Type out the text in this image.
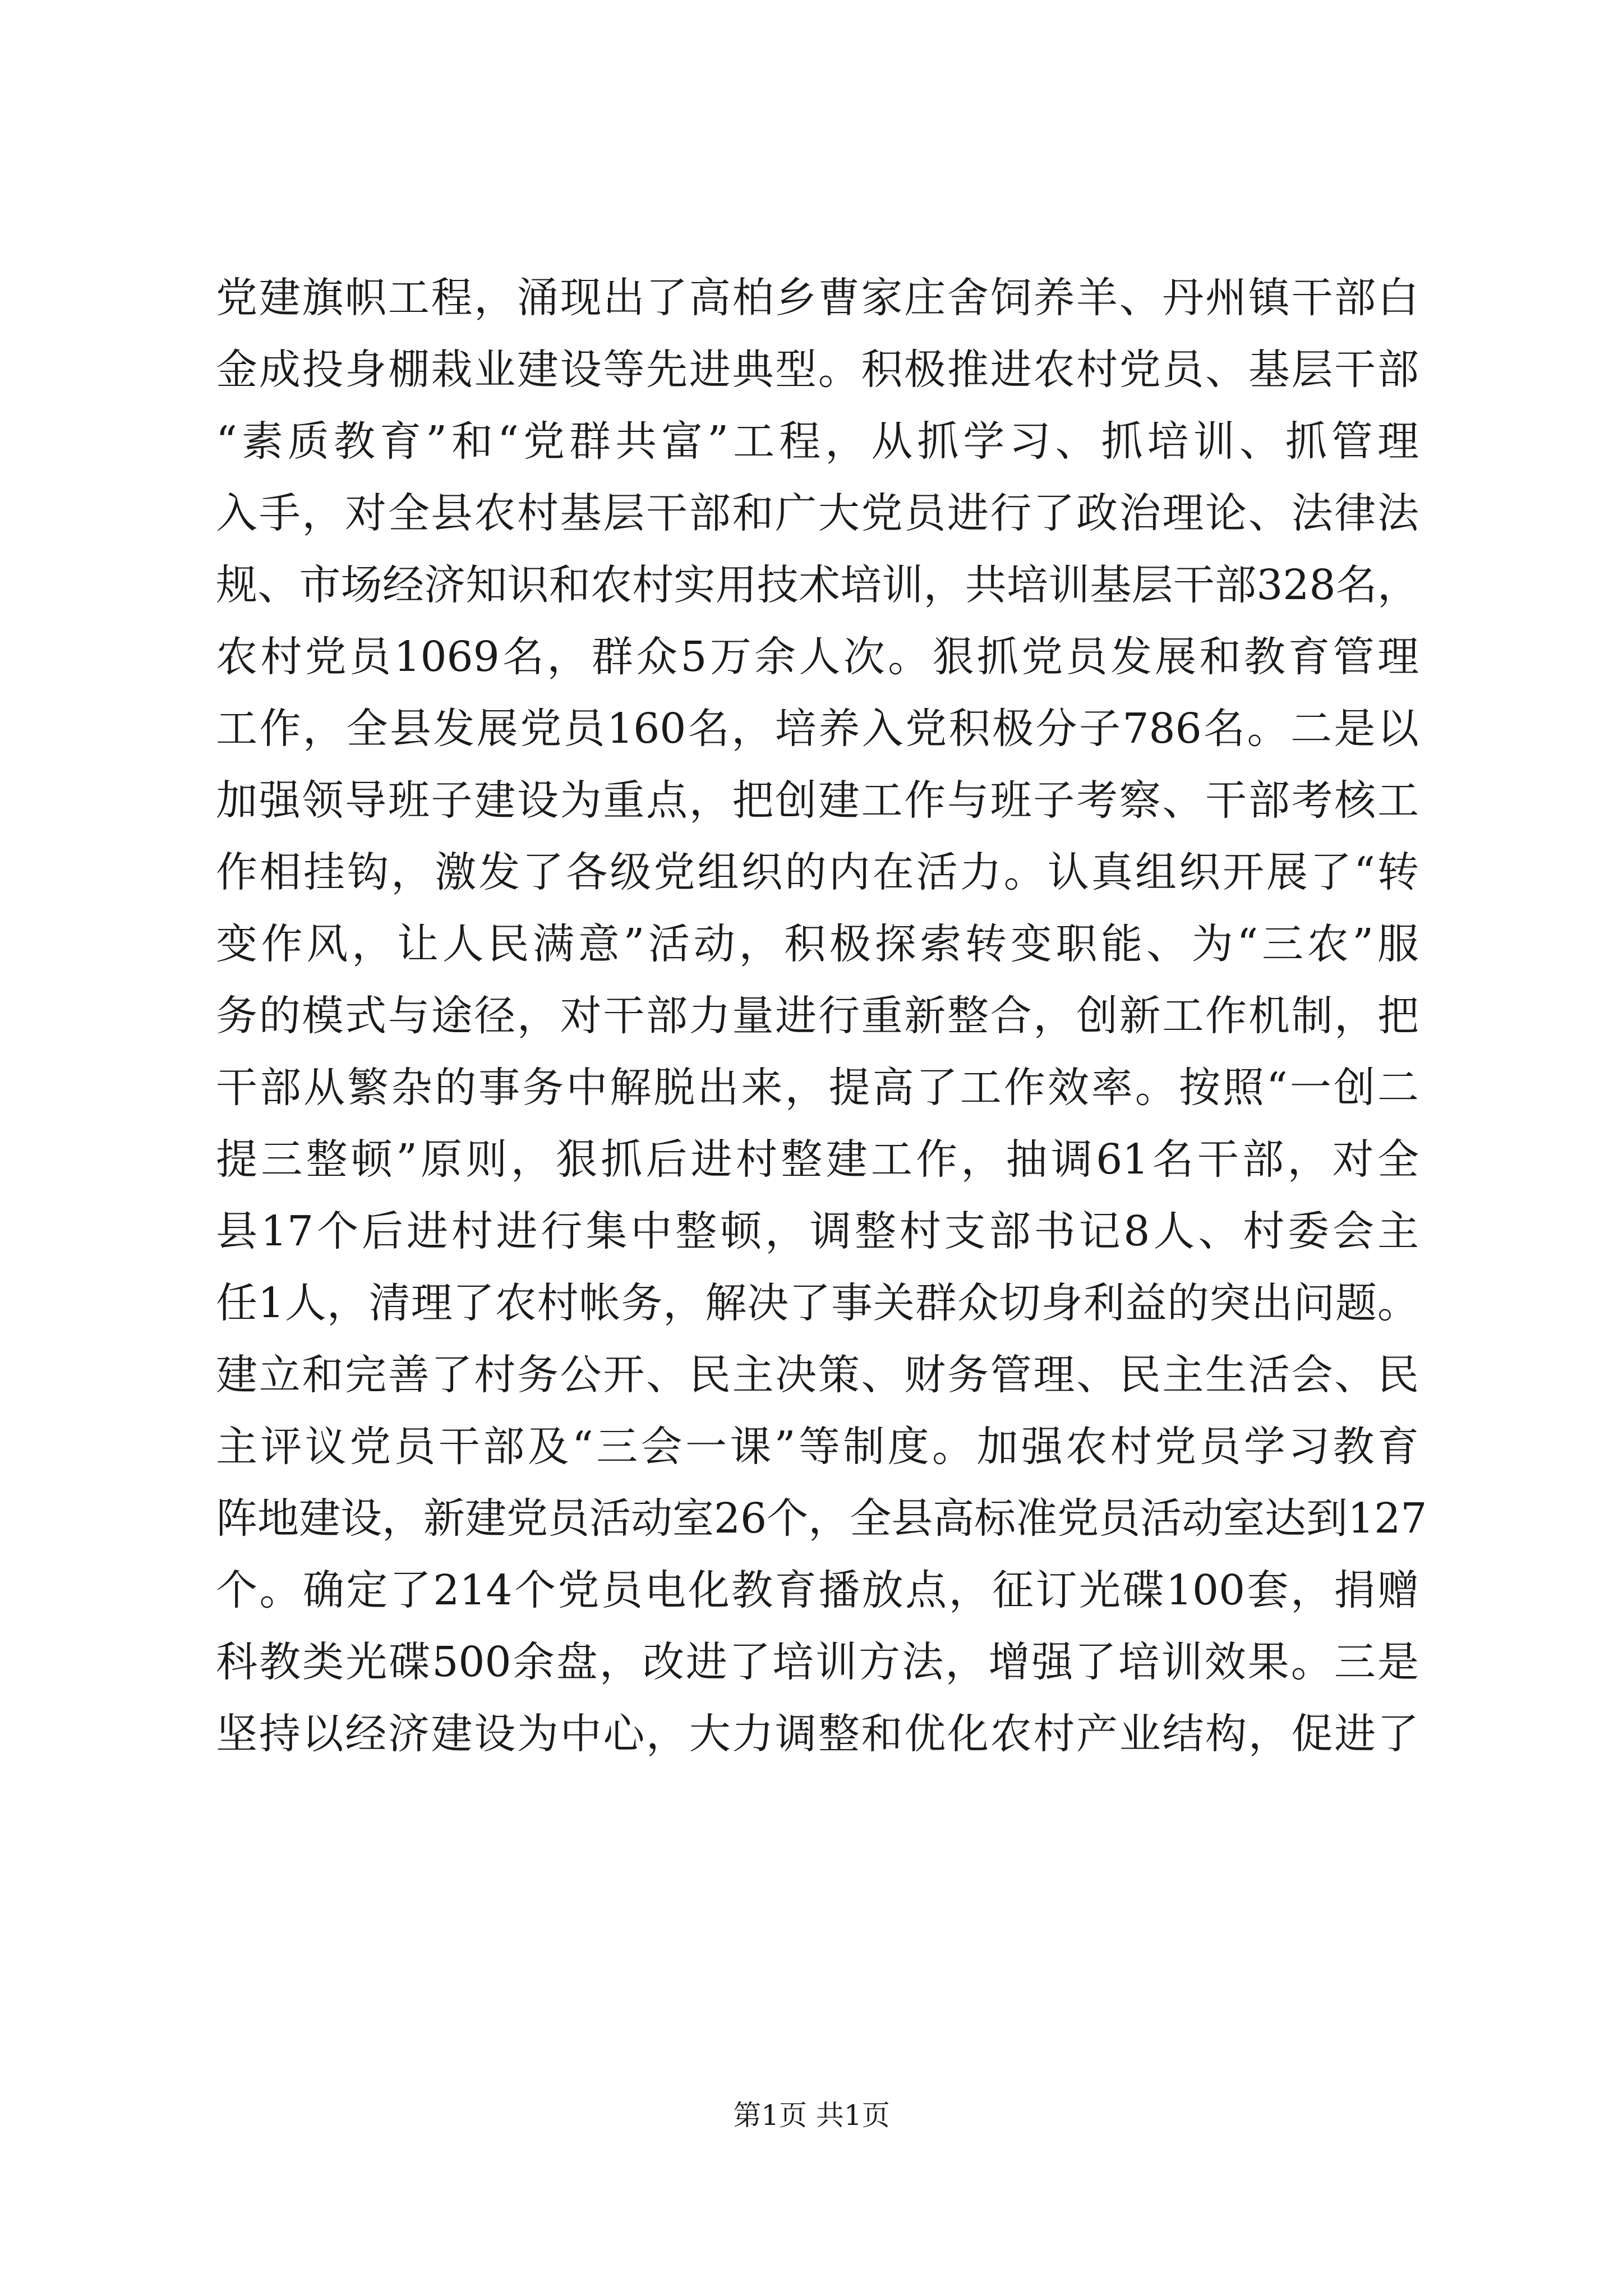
党建旗帜工程，涌现出了高柏乡曹家庄舍饲养羊、丹州镇干部白
金成投身棚栽业建设等先进典型。积极推进农村党员、基层干部
“素质教育”和“党群共富”工程，从抓学习、抓培训、抓管理
入手，对全县农村基层干部和广大党员进行了政治理论、法律法
规、市场经济知识和农村实用技术培训，共培训基层干部328名，
农村党员1069名，群众5万余人次。狠抓党员发展和教育管理
工作，全县发展党员160名，培养入党积极分子786名。二是以
加强领导班子建设为重点，把创建工作与班子考察、干部考核工
作相挂钩，激发了各级党组织的内在活力。认真组织开展了“转
变作风，让人民满意”活动，积极探索转变职能、为“三农”服
务的模式与途径，对干部力量进行重新整合，创新工作机制，把
干部从繁杂的事务中解脱出来，提高了工作效率。按照“一创二
提三整顿”原则，狠抓后进村整建工作，抽调61名干部，对全
县17个后进村进行集中整顿，调整村支部书记8人、村委会主
任1人，清理了农村帐务，解决了事关群众切身利益的突出问题。
建立和完善了村务公开、民主决策、财务管理、民主生活会、民
主评议党员干部及“三会一课”等制度。加强农村党员学习教育
阵地建设，新建党员活动室26个，全县高标准党员活动室达到127
个。确定了214个党员电化教育播放点，征订光碟100套，捐赠
科教类光碟500余盘，改进了培训方法，增强了培训效果。三是
坚持以经济建设为中心，大力调整和优化农村产业结构，促进了
第1页 共1页
